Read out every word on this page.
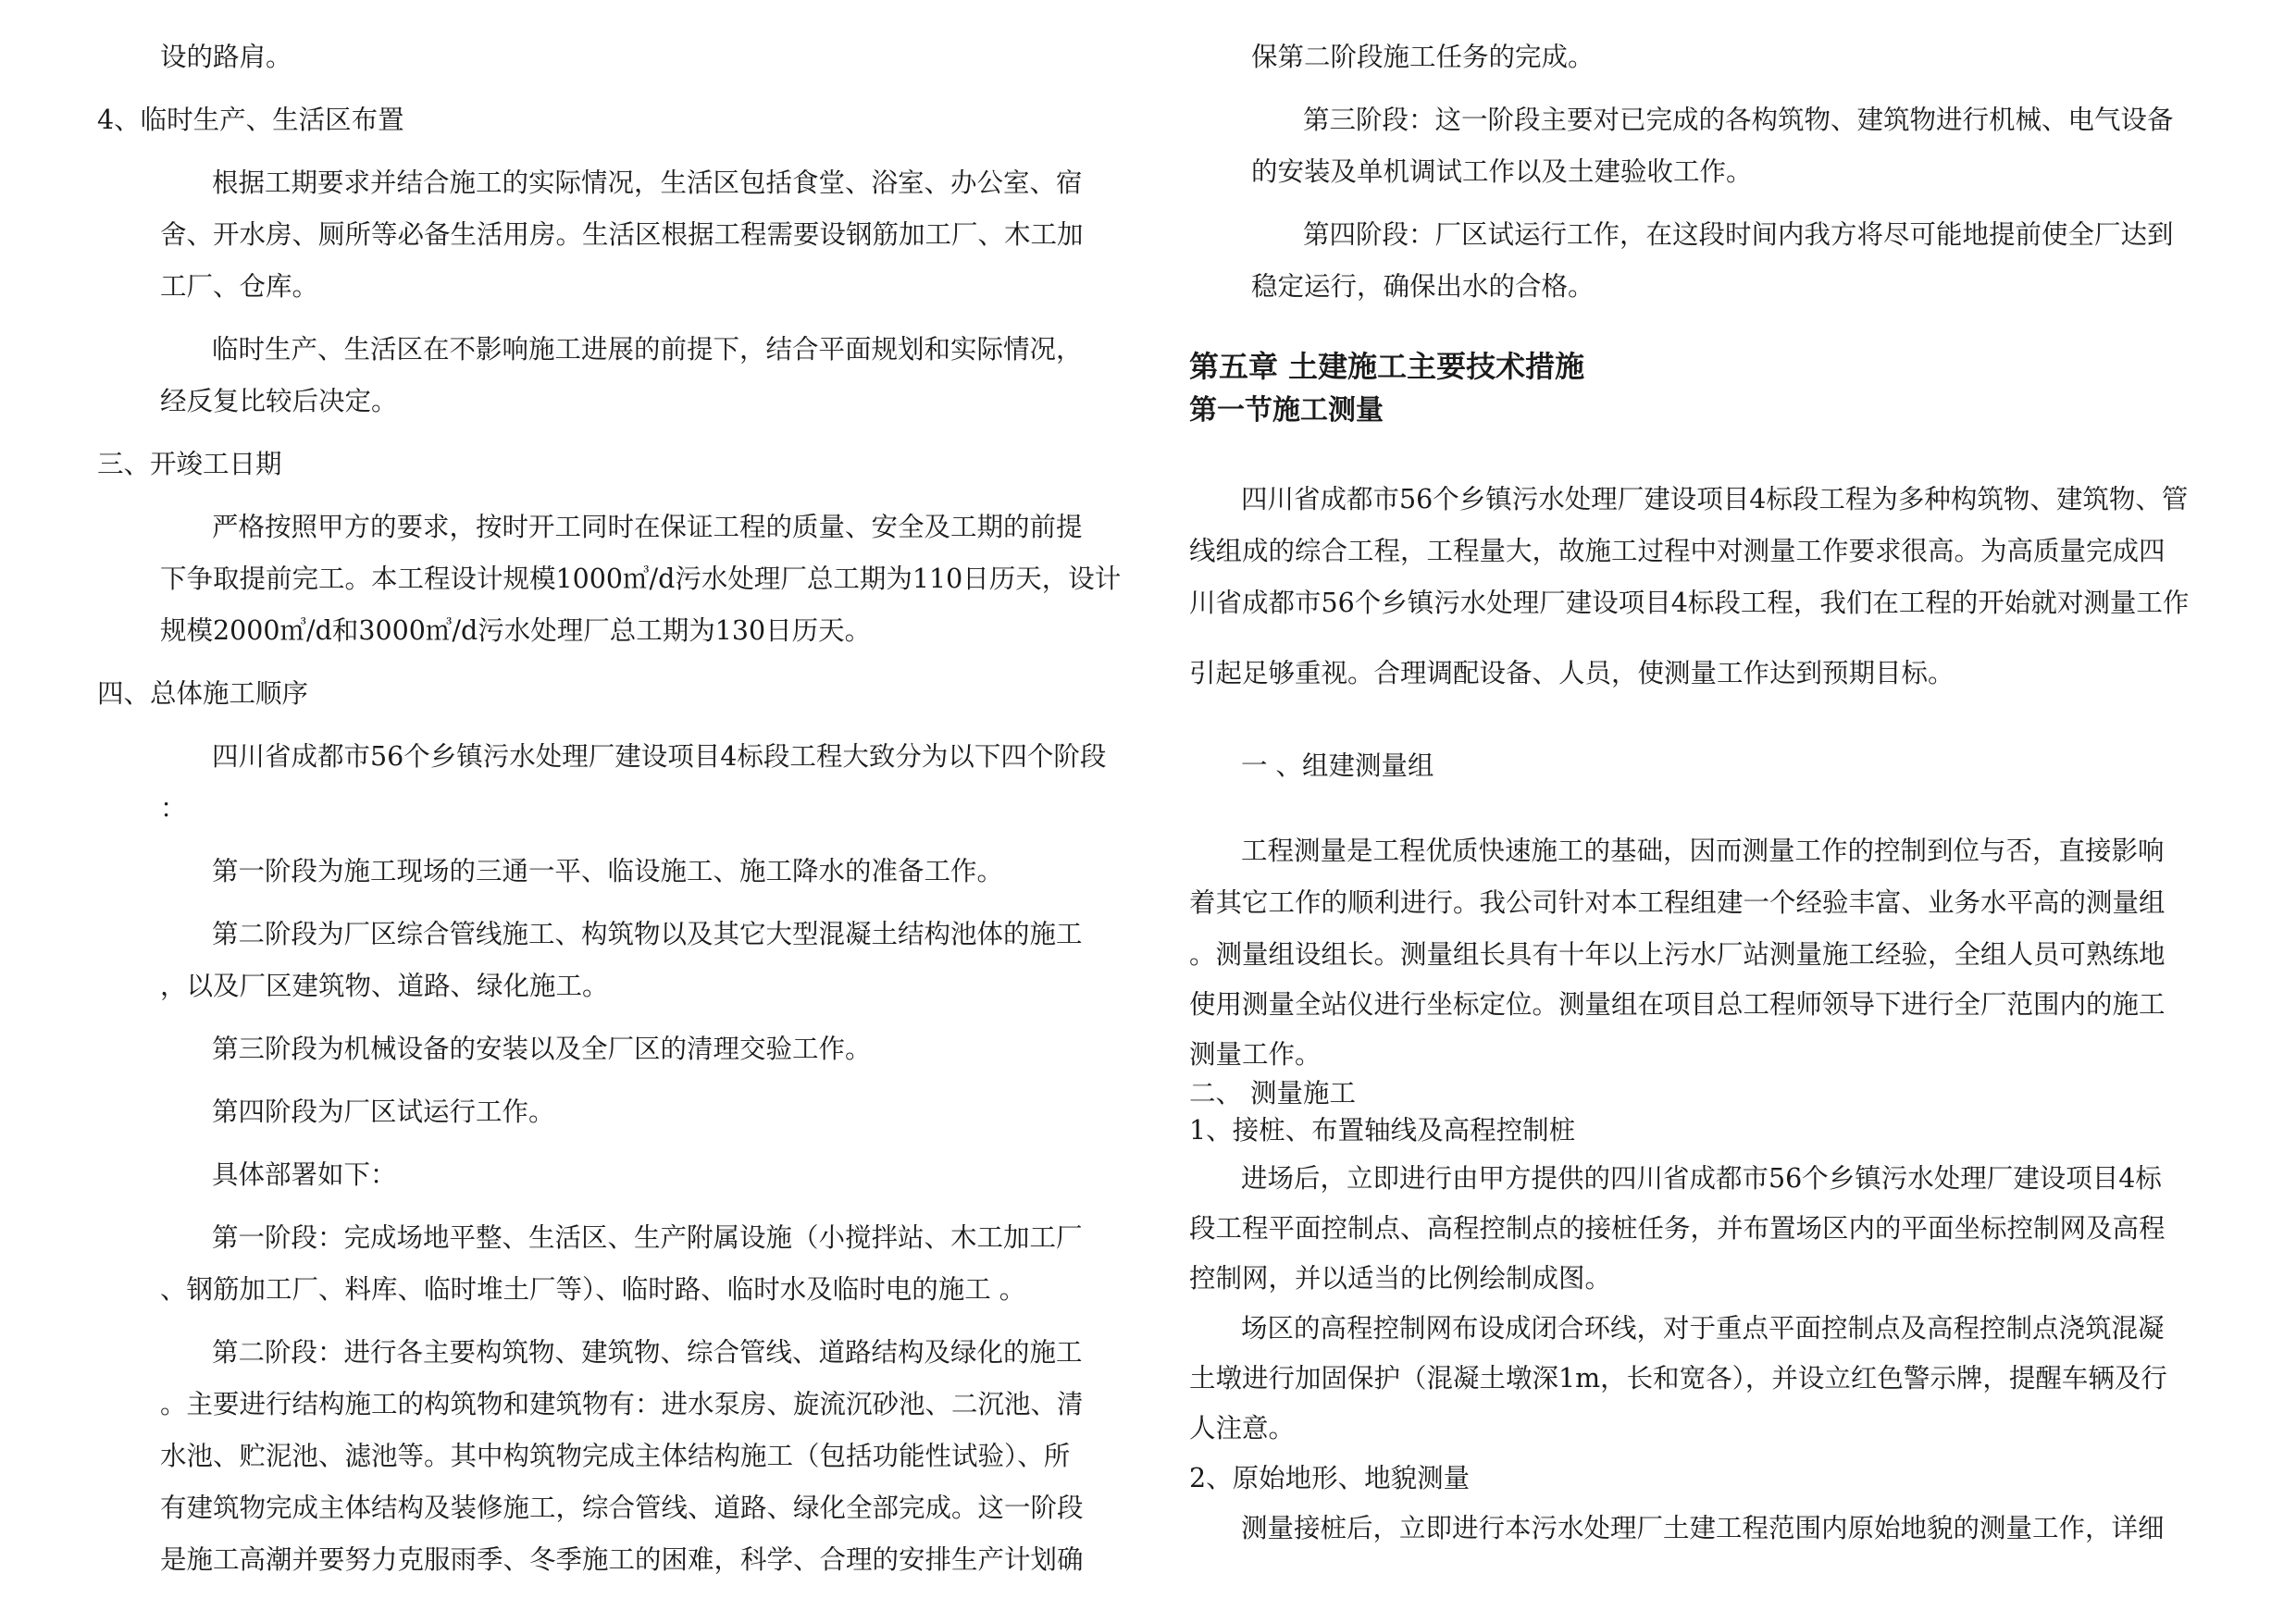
设的路肩。
4、临时生产、生活区布置
根据工期要求并结合施工的实际情况，生活区包括食堂、浴室、办公室、宿
舍、开水房、厕所等必备生活用房。生活区根据工程需要设钢筋加工厂、木工加
工厂、仓库。
临时生产、生活区在不影响施工进展的前提下，结合平面规划和实际情况，
经反复比较后决定。
三、开竣工日期
严格按照甲方的要求，按时开工同时在保证工程的质量、安全及工期的前提
下争取提前完工。本工程设计规模1000㎥/d污水处理厂总工期为110日历天，设计
规模2000㎥/d和3000㎥/d污水处理厂总工期为130日历天。
四、总体施工顺序
四川省成都市56个乡镇污水处理厂建设项目4标段工程大致分为以下四个阶段
：
第一阶段为施工现场的三通一平、临设施工、施工降水的准备工作。
第二阶段为厂区综合管线施工、构筑物以及其它大型混凝土结构池体的施工
，以及厂区建筑物、道路、绿化施工。
第三阶段为机械设备的安装以及全厂区的清理交验工作。
第四阶段为厂区试运行工作。
具体部署如下：
第一阶段：完成场地平整、生活区、生产附属设施（小搅拌站、木工加工厂
、钢筋加工厂、料库、临时堆土厂等）、临时路、临时水及临时电的施工 。
第二阶段：进行各主要构筑物、建筑物、综合管线、道路结构及绿化的施工
。主要进行结构施工的构筑物和建筑物有：进水泵房、旋流沉砂池、二沉池、清
水池、贮泥池、滤池等。其中构筑物完成主体结构施工（包括功能性试验）、所
有建筑物完成主体结构及装修施工，综合管线、道路、绿化全部完成。这一阶段
是施工高潮并要努力克服雨季、冬季施工的困难，科学、合理的安排生产计划确
保第二阶段施工任务的完成。
第三阶段：这一阶段主要对已完成的各构筑物、建筑物进行机械、电气设备
的安装及单机调试工作以及土建验收工作。
第四阶段：厂区试运行工作，在这段时间内我方将尽可能地提前使全厂达到
稳定运行，确保出水的合格。
第五章 土建施工主要技术措施
第一节施工测量
四川省成都市56个乡镇污水处理厂建设项目4标段工程为多种构筑物、建筑物、管
线组成的综合工程，工程量大，故施工过程中对测量工作要求很高。为高质量完成四
川省成都市56个乡镇污水处理厂建设项目4标段工程，我们在工程的开始就对测量工作
引起足够重视。合理调配设备、人员，使测量工作达到预期目标。
一 、组建测量组
工程测量是工程优质快速施工的基础，因而测量工作的控制到位与否，直接影响
着其它工作的顺利进行。我公司针对本工程组建一个经验丰富、业务水平高的测量组
。测量组设组长。测量组长具有十年以上污水厂站测量施工经验，全组人员可熟练地
使用测量全站仪进行坐标定位。测量组在项目总工程师领导下进行全厂范围内的施工
测量工作。
二、 测量施工
1、接桩、布置轴线及高程控制桩
进场后，立即进行由甲方提供的四川省成都市56个乡镇污水处理厂建设项目4标
段工程平面控制点、高程控制点的接桩任务，并布置场区内的平面坐标控制网及高程
控制网，并以适当的比例绘制成图。
场区的高程控制网布设成闭合环线，对于重点平面控制点及高程控制点浇筑混凝
土墩进行加固保护（混凝土墩深1m，长和宽各），并设立红色警示牌，提醒车辆及行
人注意。
2、原始地形、地貌测量
测量接桩后，立即进行本污水处理厂土建工程范围内原始地貌的测量工作，详细
